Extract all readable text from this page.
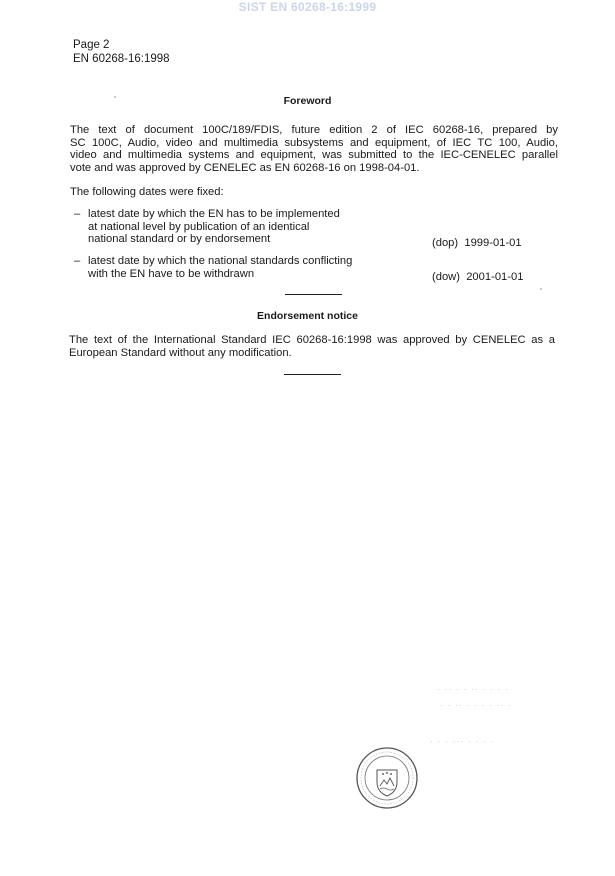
SIST EN 60268-16:1999
Page 2
EN 60268-16:1998
Foreword
The text of document 100C/189/FDIS, future edition 2 of IEC 60268-16, prepared by
SC 100C, Audio, video and multimedia subsystems and equipment, of IEC TC 100, Audio,
video and multimedia systems and equipment, was submitted to the IEC-CENELEC parallel
vote and was approved by CENELEC as EN 60268-16 on 1998-04-01.
The following dates were fixed:
– latest date by which the EN has to be implemented
at national level by publication of an identical
national standard or by endorsement	(dop) 1999-01-01
– latest date by which the national standards conflicting
with the EN have to be withdrawn	(dow) 2001-01-01
Endorsement notice
The text of the International Standard IEC 60268-16:1998 was approved by CENELEC as a
European Standard without any modification.
· ·· · · ·· · · · ·
· · ·· · · · · ·· ·
· · · ··· · · · ·
